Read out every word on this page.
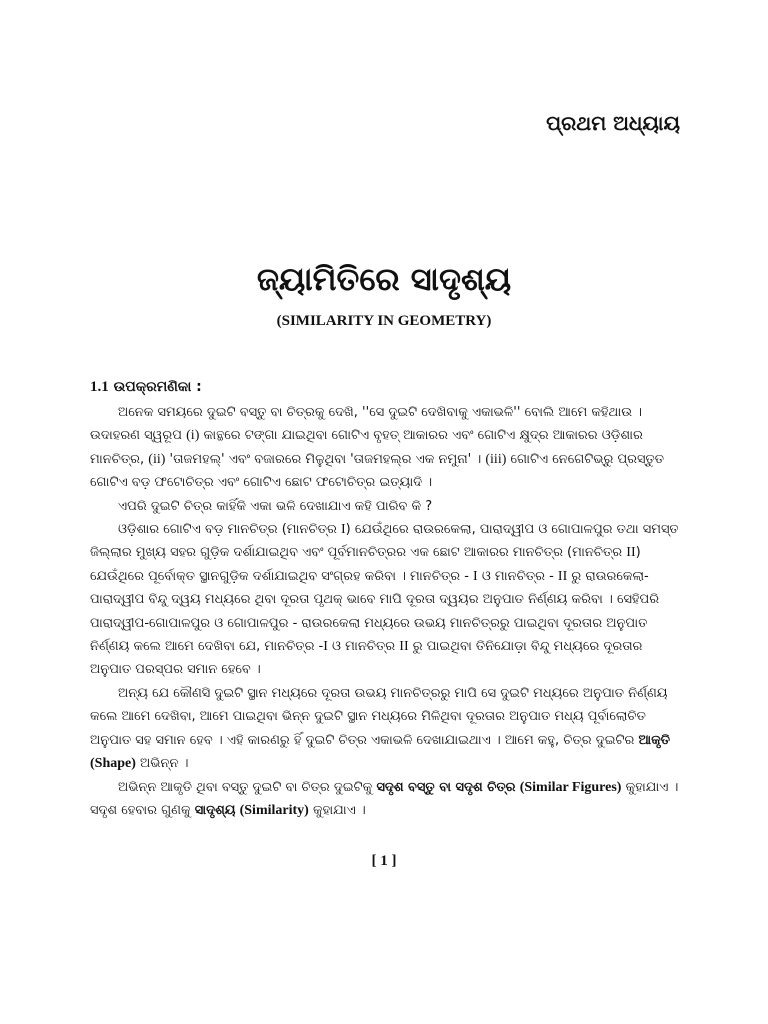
ପ୍ରଥମ ଅଧ୍ୟାୟ
ଜ୍ୟାମିତିରେ ସାଦୃଶ୍ୟ
(SIMILARITY IN GEOMETRY)
1.1 ଉପକ୍ରମଣିକା :

ଅନେକ ସମୟରେ ଦୁଇଟି ବସ୍ତୁ ବା ଚିତ୍ରକୁ ଦେଖି, ''ସେ ଦୁଇଟି ଦେଖିବାକୁ ଏକାଭଳି'' ବୋଲି ଆମେ କହିଥାଉ । ଉଦାହରଣ ସ୍ୱରୂପ (i) କାନ୍ଥରେ ଟଙ୍ଗା ଯାଇଥିବା ଗୋଟିଏ ବୃହତ୍ ଆକାରର ଏବଂ ଗୋଟିଏ କ୍ଷୁଦ୍ର ଆକାରର ଓଡ଼ିଶାର ମାନଚିତ୍ର, (ii) 'ତାଜମହଲ୍' ଏବଂ ବଜାରରେ ମିଳୁଥିବା 'ତାଜମହଲ୍‌ର ଏକ ନମୁନା' । (iii) ଗୋଟିଏ ନେଗେଟିଭ୍‌ରୁ ପ୍ରସ୍ତୁତ ଗୋଟିଏ ବଡ଼ ଫଟୋଚିତ୍ର ଏବଂ ଗୋଟିଏ ଛୋଟ ଫଟୋଚିତ୍ର ଇତ୍ୟାଦି ।

ଏପରି ଦୁଇଟି ଚିତ୍ର କାହିଁକି ଏକା ଭଳି ଦେଖାଯାଏ କହି ପାରିବ କି ?

ଓଡ଼ିଶାର ଗୋଟିଏ ବଡ଼ ମାନଚିତ୍ର (ମାନଚିତ୍ର I) ଯେଉଁଥିରେ ରାଉରକେଲା, ପାରାଦ୍ୱୀପ ଓ ଗୋପାଳପୁର ତଥା ସମସ୍ତ ଜିଲ୍ଲାର ମୁଖ୍ୟ ସହର ଗୁଡ଼ିକ ଦର୍ଶାଯାଇଥିବ ଏବଂ ପୂର୍ବମାନଚିତ୍ରର ଏକ ଛୋଟ ଆକାରର ମାନଚିତ୍ର (ମାନଚିତ୍ର II) ଯେଉଁଥିରେ ପୂର୍ବୋକ୍ତ ସ୍ଥାନଗୁଡ଼ିକ ଦର୍ଶାଯାଇଥିବ ସଂଗ୍ରହ କରିବା । ମାନଚିତ୍ର - I ଓ ମାନଚିତ୍ର - II ରୁ ରାଉରକେଲା-ପାରାଦ୍ୱୀପ ବିନ୍ଦୁ ଦ୍ୱୟ ମଧ୍ୟରେ ଥିବା ଦୂରତା ପୃଥକ୍ ଭାବେ ମାପି ଦୂରତା ଦ୍ୱୟର ଅନୁପାତ ନିର୍ଣ୍ଣୟ କରିବା । ସେହିପରି ପାରାଦ୍ୱୀପ-ଗୋପାଳପୁର ଓ ଗୋପାଳପୁର - ରାଉରକେଲା ମଧ୍ୟରେ ଉଭୟ ମାନଚିତ୍ରରୁ ପାଇଥିବା ଦୂରତାର ଅନୁପାତ ନିର୍ଣ୍ଣୟ କଲେ ଆମେ ଦେଖିବା ଯେ, ମାନଚିତ୍ର -I ଓ ମାନଚିତ୍ର II ରୁ ପାଇଥିବା ତିନିଯୋଡ଼ା ବିନ୍ଦୁ ମଧ୍ୟରେ ଦୂରତାର ଅନୁପାତ ପରସ୍ପର ସମାନ ହେବେ ।

ଅନ୍ୟ ଯେ କୌଣସି ଦୁଇଟି ସ୍ଥାନ ମଧ୍ୟରେ ଦୂରତା ଉଭୟ ମାନଚିତ୍ରରୁ ମାପି ସେ ଦୁଇଟି ମଧ୍ୟରେ ଅନୁପାତ ନିର୍ଣ୍ଣୟ କଲେ ଆମେ ଦେଖିବା, ଆମେ ପାଇଥିବା ଭିନ୍ନ ଦୁଇଟି ସ୍ଥାନ ମଧ୍ୟରେ ମିଳିଥିବା ଦୂରତାର ଅନୁପାତ ମଧ୍ୟ ପୂର୍ବାଲୋଚିତ ଅନୁପାତ ସହ ସମାନ ହେବ । ଏହି କାରଣରୁ ହିଁ ଦୁଇଟି ଚିତ୍ର ଏକାଭଳି ଦେଖାଯାଇଥାଏ । ଆମେ କହୁ, ଚିତ୍ର ଦୁଇଟିର ଆକୃତି (Shape) ଅଭିନ୍ନ ।

ଅଭିନ୍ନ ଆକୃତି ଥିବା ବସ୍ତୁ ଦୁଇଟି ବା ଚିତ୍ର ଦୁଇଟିକୁ ସଦୃଶ ବସ୍ତୁ ବା ସଦୃଶ ଚିତ୍ର (Similar Figures) କୁହାଯାଏ । ସଦୃଶ ହେବାର ଗୁଣକୁ ସାଦୃଶ୍ୟ (Similarity) କୁହାଯାଏ ।

[ 1 ]
